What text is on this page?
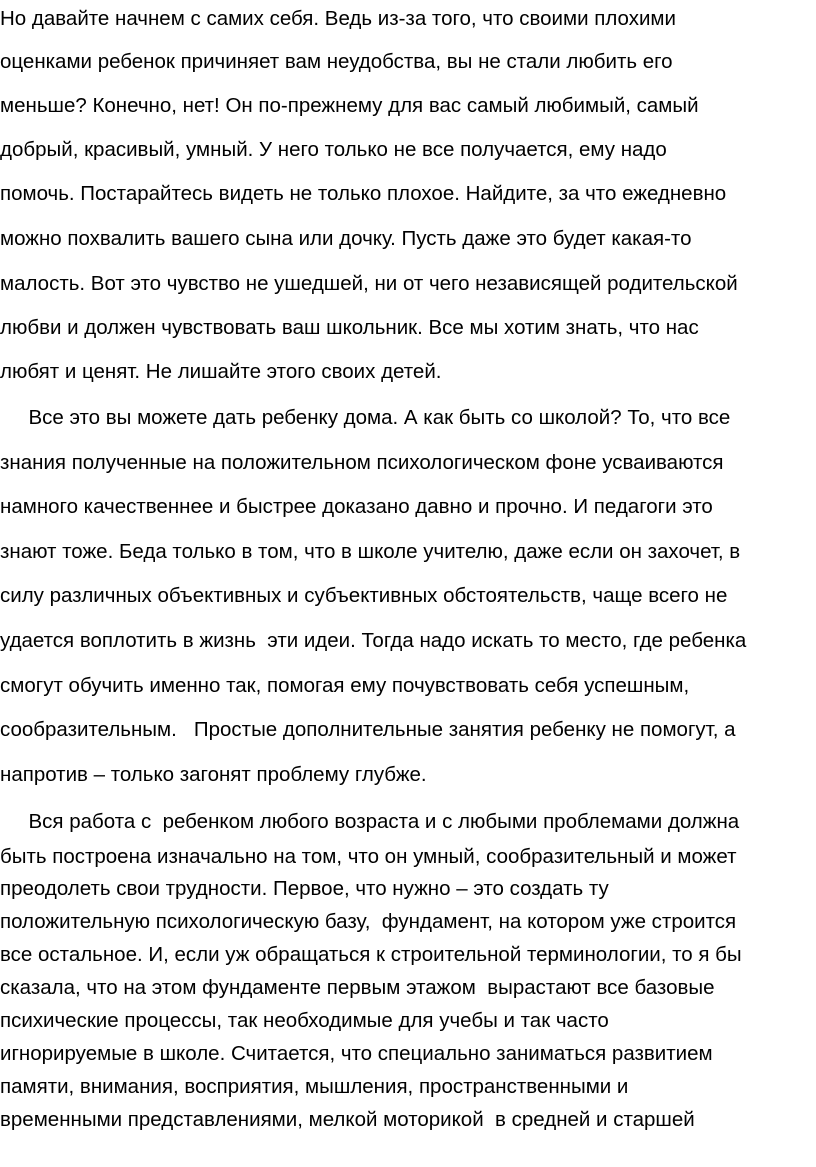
Но давайте начнем с самих себя. Ведь из-за того, что своими плохими
оценками ребенок причиняет вам неудобства, вы не стали любить его
меньше? Конечно, нет! Он по-прежнему для вас самый любимый, самый
добрый, красивый, умный. У него только не все получается, ему надо
помочь. Постарайтесь видеть не только плохое. Найдите, за что ежедневно
можно похвалить вашего сына или дочку. Пусть даже это будет какая-то
малость. Вот это чувство не ушедшей, ни от чего независящей родительской
любви и должен чувствовать ваш школьник. Все мы хотим знать, что нас
любят и ценят. Не лишайте этого своих детей.
Все это вы можете дать ребенку дома. А как быть со школой? То, что все
знания полученные на положительном психологическом фоне усваиваются
намного качественнее и быстрее доказано давно и прочно. И педагоги это
знают тоже. Беда только в том, что в школе учителю, даже если он захочет, в
силу различных объективных и субъективных обстоятельств, чаще всего не
удается воплотить в жизнь  эти идеи. Тогда надо искать то место, где ребенка
смогут обучить именно так, помогая ему почувствовать себя успешным,
сообразительным.   Простые дополнительные занятия ребенку не помогут, а
напротив – только загонят проблему глубже.
Вся работа с  ребенком любого возраста и с любыми проблемами должна
быть построена изначально на том, что он умный, сообразительный и может
преодолеть свои трудности. Первое, что нужно – это создать ту
положительную психологическую базу,  фундамент, на котором уже строится
все остальное. И, если уж обращаться к строительной терминологии, то я бы
сказала, что на этом фундаменте первым этажом  вырастают все базовые
психические процессы, так необходимые для учебы и так часто
игнорируемые в школе. Считается, что специально заниматься развитием
памяти, внимания, восприятия, мышления, пространственными и
временными представлениями, мелкой моторикой  в средней и старшей
